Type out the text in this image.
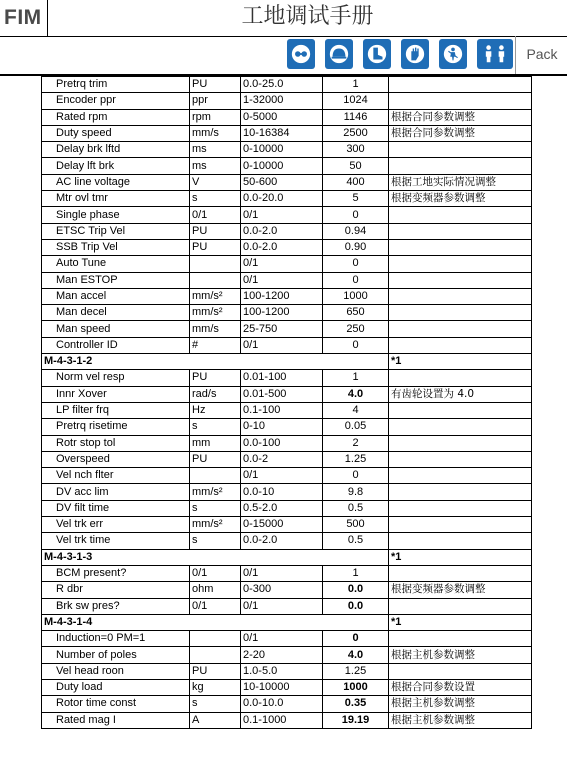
FIM	工地调试手册
Pack
Pretrq trim	PU	0.0-25.0	1	
Encoder ppr	ppr	1-32000	1024	
Rated rpm	rpm	0-5000	1146	根据合同参数调整
Duty speed	mm/s	10-16384	2500	根据合同参数调整
Delay brk lftd	ms	0-10000	300	
Delay lft brk	ms	0-10000	50	
AC line voltage	V	50-600	400	根据工地实际情况调整
Mtr ovl tmr	s	0.0-20.0	5	根据变频器参数调整
Single phase	0/1	0/1	0	
ETSC Trip Vel	PU	0.0-2.0	0.94	
SSB Trip Vel	PU	0.0-2.0	0.90	
Auto Tune		0/1	0	
Man ESTOP		0/1	0	
Man accel	mm/s²	100-1200	1000	
Man decel	mm/s²	100-1200	650	
Man speed	mm/s	25-750	250	
Controller ID	#	0/1	0	
M-4-3-1-2				*1
Norm vel resp	PU	0.01-100	1	
Innr Xover	rad/s	0.01-500	4.0	有齿轮设置为 4.0
LP filter frq	Hz	0.1-100	4	
Pretrq risetime	s	0-10	0.05	
Rotr stop tol	mm	0.0-100	2	
Overspeed	PU	0.0-2	1.25	
Vel nch flter		0/1	0	
DV acc lim	mm/s²	0.0-10	9.8	
DV filt time	s	0.5-2.0	0.5	
Vel trk err	mm/s²	0-15000	500	
Vel trk time	s	0.0-2.0	0.5	
M-4-3-1-3				*1
BCM present?	0/1	0/1	1	
R dbr	ohm	0-300	0.0	根据变频器参数调整
Brk sw pres?	0/1	0/1	0.0	
M-4-3-1-4				*1
Induction=0 PM=1		0/1	0	
Number of poles		2-20	4.0	根据主机参数调整
Vel head roon	PU	1.0-5.0	1.25	
Duty load	kg	10-10000	1000	根据合同参数设置
Rotor time const	s	0.0-10.0	0.35	根据主机参数调整
Rated mag I	A	0.1-1000	19.19	根据主机参数调整
